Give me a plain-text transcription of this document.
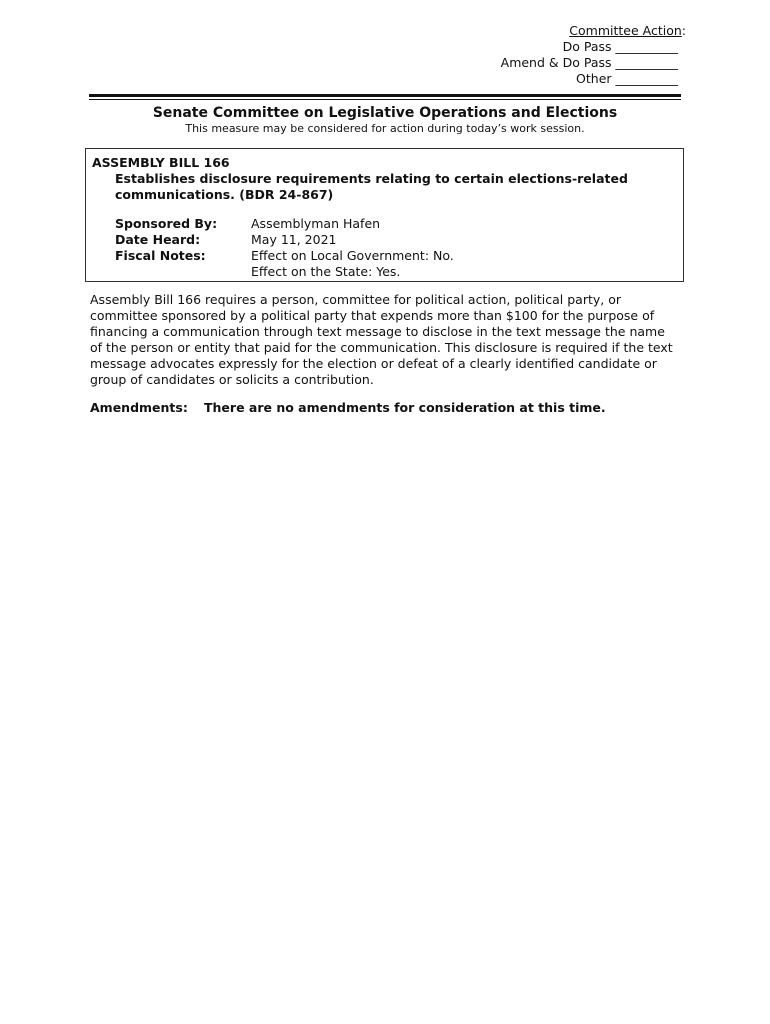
Committee Action:
Do Pass __________
Amend & Do Pass __________
Other __________
Senate Committee on Legislative Operations and Elections
This measure may be considered for action during today’s work session.
ASSEMBLY BILL 166
Establishes disclosure requirements relating to certain elections-related communications. (BDR 24-867)
Sponsored By:	Assemblyman Hafen
Date Heard:	May 11, 2021
Fiscal Notes:	Effect on Local Government: No.
Effect on the State: Yes.
Assembly Bill 166 requires a person, committee for political action, political party, or committee sponsored by a political party that expends more than $100 for the purpose of financing a communication through text message to disclose in the text message the name of the person or entity that paid for the communication. This disclosure is required if the text message advocates expressly for the election or defeat of a clearly identified candidate or group of candidates or solicits a contribution.
Amendments: There are no amendments for consideration at this time.
